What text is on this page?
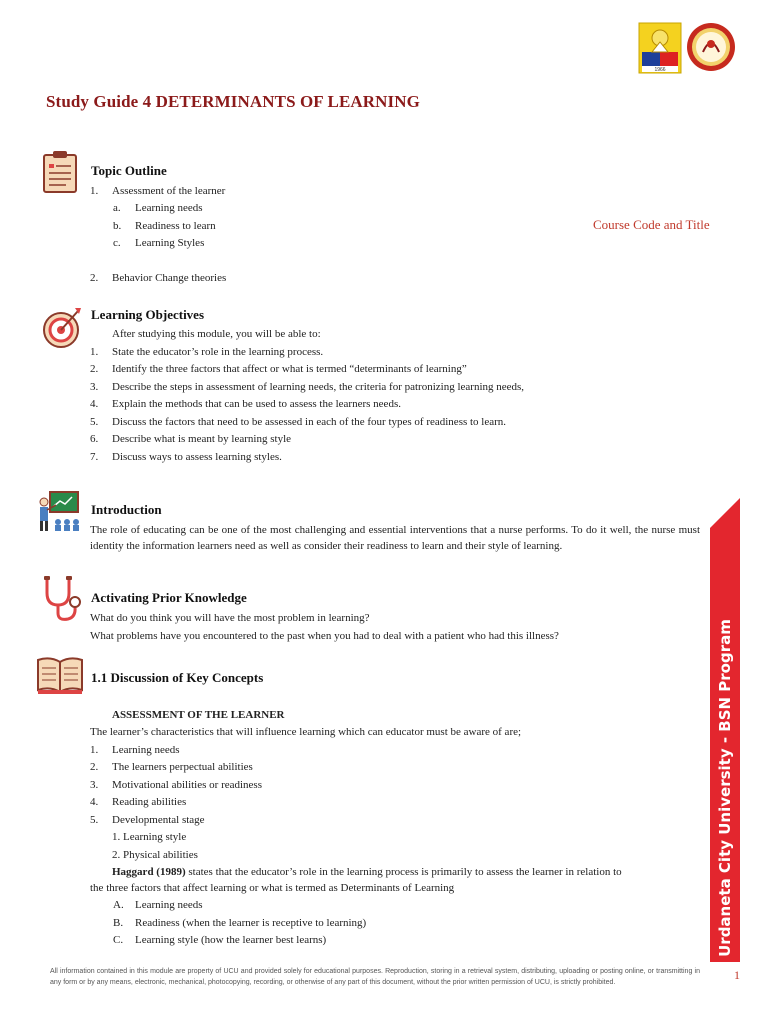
1966
Study Guide 4 DETERMINANTS OF LEARNING
Course Code and Title
Topic Outline
1. Assessment of the learner
a. Learning needs
b. Readiness to learn
c. Learning Styles
2. Behavior Change theories
Learning Objectives
After studying this module, you will be able to:
1. State the educator’s role in the learning process.
2. Identify the three factors that affect or what is termed “determinants of learning”
3. Describe the steps in assessment of learning needs, the criteria for patronizing learning needs,
4. Explain the methods that can be used to assess the learners needs.
5. Discuss the factors that need to be assessed in each of the four types of readiness to learn.
6. Describe what is meant by learning style
7. Discuss ways to assess learning styles.
Introduction
The role of educating can be one of the most challenging and essential interventions that a nurse performs. To do it well, the nurse must identity the information learners need as well as consider their readiness to learn and their style of learning.
Activating Prior Knowledge
What do you think you will have the most problem in learning?
What problems have you encountered to the past when you had to deal with a patient who had this illness?
1.1 Discussion of Key Concepts
ASSESSMENT OF THE LEARNER
The learner’s characteristics that will influence learning which can educator must be aware of are;
1. Learning needs
2. The learners perpectual abilities
3. Motivational abilities or readiness
4. Reading abilities
5. Developmental stage
1. Learning style
2. Physical abilities
Haggard (1989) states that the educator’s role in the learning process is primarily to assess the learner in relation to
the three factors that affect learning or what is termed as Determinants of Learning
A. Learning needs
B. Readiness (when the learner is receptive to learning)
C. Learning style (how the learner best learns)	Urdaneta City University - BSN Program
All information contained in this module are property of UCU and provided solely for educational purposes. Reproduction, storing in a retrieval system, distributing, uploading or posting online, or transmitting in any form or by any means, electronic, mechanical, photocopying, recording, or otherwise of any part of this document, without the prior written permission of UCU, is strictly prohibited.
1
